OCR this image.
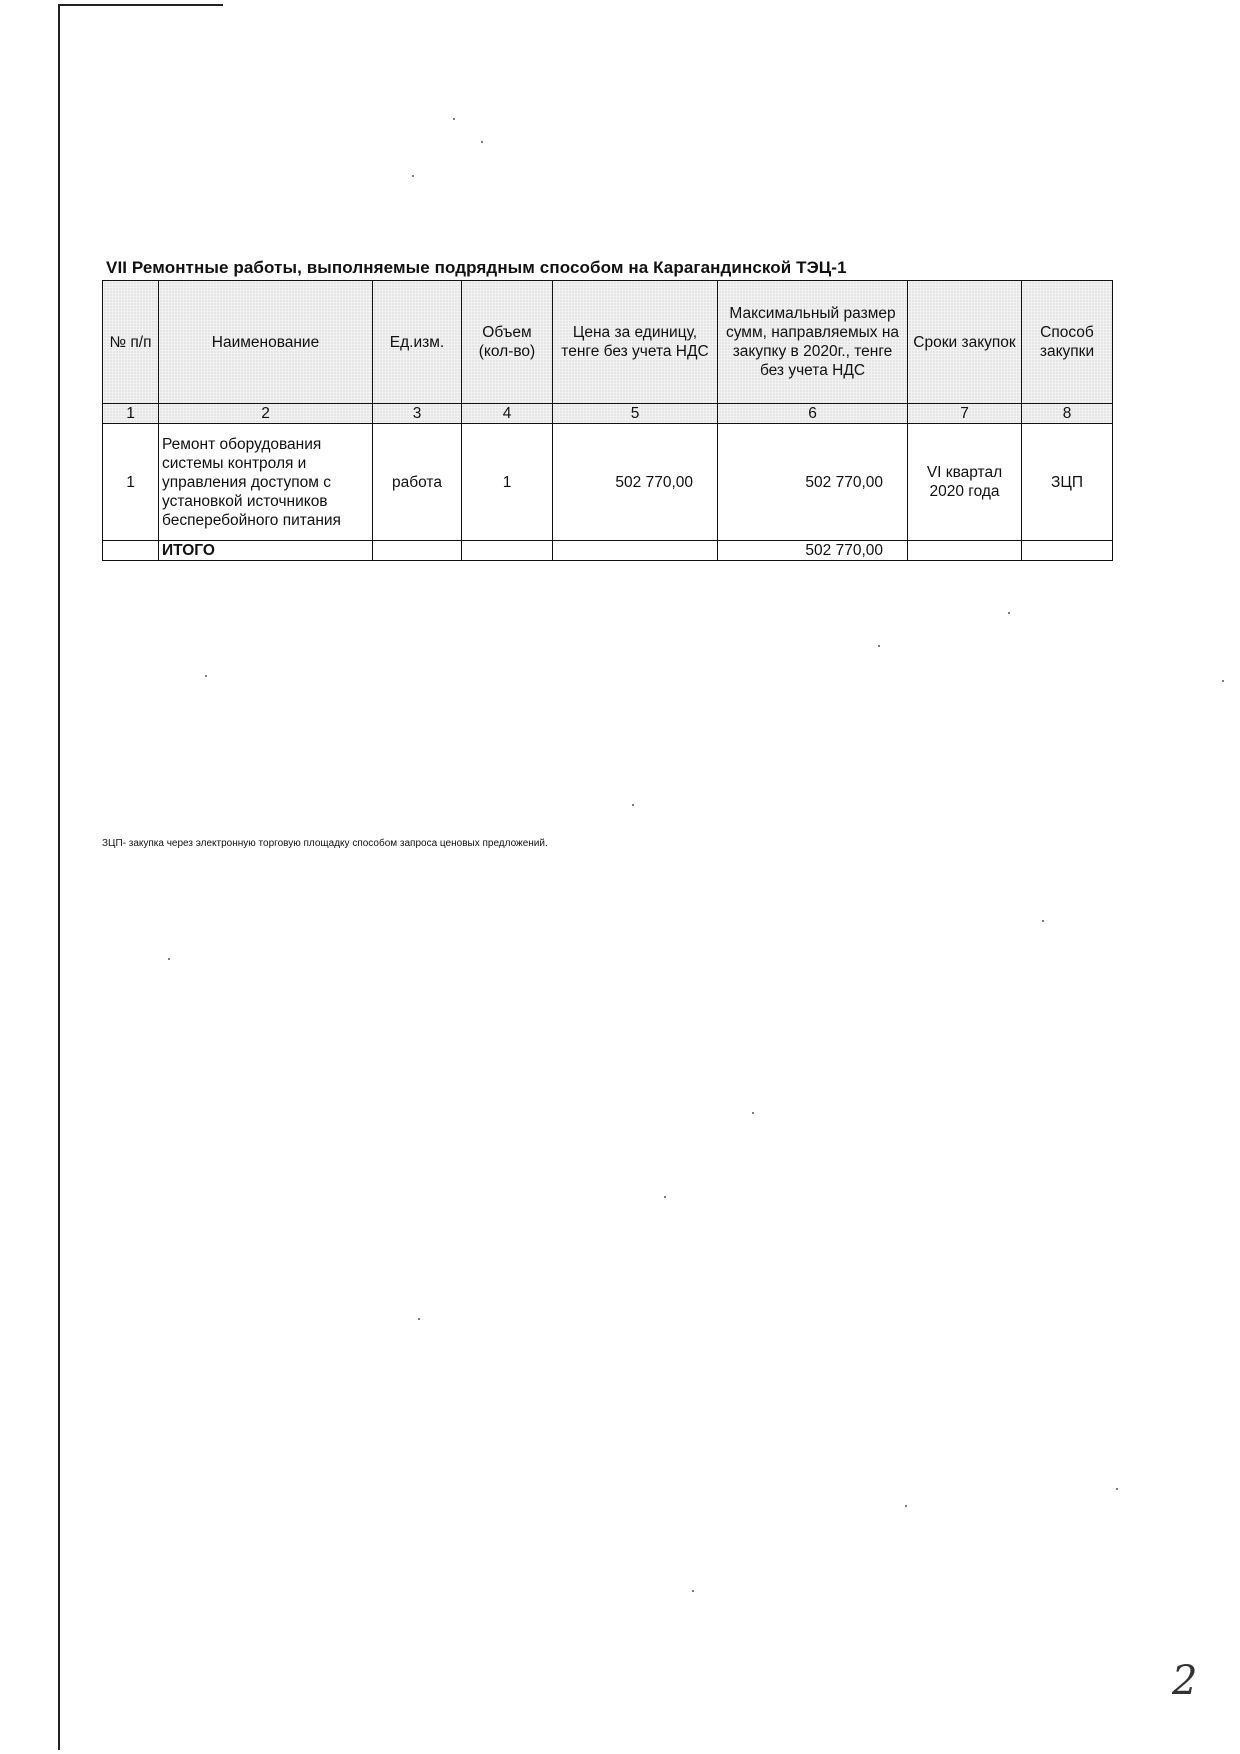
VII Ремонтные работы, выполняемые подрядным способом на Карагандинской ТЭЦ-1
№ п/п	Наименование	Ед.изм.	Объем (кол-во)	Цена за единицу, тенге без учета НДС	Максимальный размер сумм, направляемых на закупку в 2020г., тенге без учета НДС	Сроки закупок	Способ закупки
1	2	3	4	5	6	7	8
1	Ремонт оборудования системы контроля и управления доступом с установкой источников бесперебойного питания	работа	1	502 770,00	502 770,00	VI квартал 2020 года	ЗЦП
	ИТОГО				502 770,00		
ЗЦП- закупка через электронную торговую площадку способом запроса ценовых предложений.
2
